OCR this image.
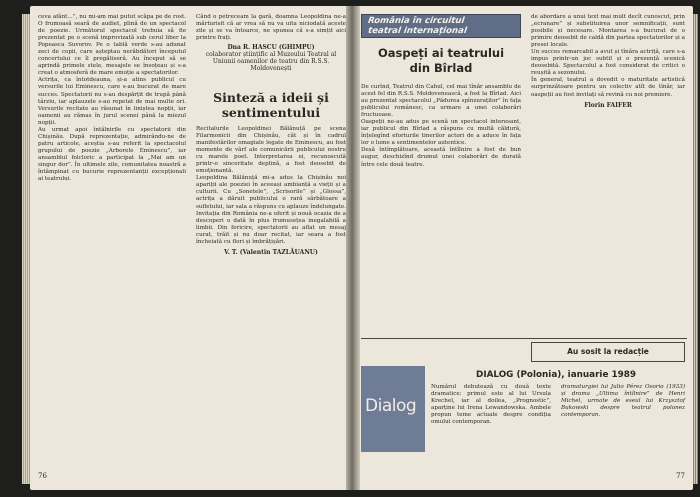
ceva afânt...”, nu mi-am mai putut scăpa pe de rost. O frumoasă seară de audiet, plină de un spectacol de poezie. Următorul spectacol trebuia să fie prezentat pe o scenă improvizată sub cerul liber la Popeasca Suvorov. Pe o tablă verde s-au adunat zeci de copii, care așteptau nerăbdători începutul concertului ce îl pregătiseră. Au început să se aprindă primele stele, mesajele se însoțeau și s-a creat o atmosferă de mare emoție a spectatorilor.

Actrița, ca întotdeauna, și-a atins publicul cu versurile lui Eminescu, care s-au bucurat de mare succes. Spectatorii nu s-au despărțit de trupă până târziu, iar aplauzele s-au repetat de mai multe ori. Versurile recitate au răsunat în liniștea nopții, iar oamenii au rămas în jurul scenei până la miezul nopții.

Au urmat apoi întâlnirile cu spectatorii din Chișinău. După reprezentație, admirându-ne de patru articole, aceștia s-au referit la spectacolul grupului de poezie „Arborele Eminescu”, iar ansamblul folcloric a participat la „Mai am un singur dor”. În ultimele zile, comunitatea noastră a întâmpinat cu bucurie reprezentanții excepționali ai teatrului.

Când o petreceam la gară, doamna Leopoldina ne-a mărturisit că ar vrea să nu va uita niciodată aceste zile și se va întoarce, ne spunea că s-a simțit aici printre frați.

Dna R. HASCU (GHIMPU)

colaborator științific al Muzeului Teatral al Uniunii oamenilor de teatru din R.S.S. Moldovenești

Sinteză a ideii și sentimentului

Recitalurile Leopoldinei Bălănuță pe scena Filarmonicii din Chișinău, cât și în cadrul manifestărilor omagiale legate de Eminescu, au fost momente de vârf ale comunicării publicului nostru cu marele poet. Interpretarea ei, recunoscută printr-o sinceritate deplină, a fost deosebit de emoționantă.

Leopoldina Bălănuță mi-a adus la Chișinău noi apariții ale poeziei în aceeași ambianță a vieții și a culturii. Cu „Sonetele”, „Scrisorile” și „Glossa”, actrița a dăruit publicului o rară sărbătoare a sufletului, iar sala a răspuns cu aplauze îndelungate.

Invitația din România ne-a oferit și nouă ocazia de a descoperi o dată în plus frumusețea inegalabilă a limbii. Din fericire, spectatorii au aflat un mesaj curat, trăit și nu doar recitat, iar seara a fost încheiată cu flori și îmbrățișări.

V. T. (Valentin TAZLĂUANU)

76
România în circuitul
teatral internațional
Oaspeți ai teatrului
din Bîrlad

De curînd, Teatrul din Cahul, cel mai tînăr ansamblu de acest fel din R.S.S. Moldovenească, a fost la Bîrlad. Aici au prezentat spectacolul „Pădurea spînzuraților” în fața publicului românesc, ca urmare a unei colaborări fructuoase.

Oaspeții ne-au adus pe scenă un spectacol interesant, iar publicul din Bîrlad a răspuns cu multă căldură, înțelegînd eforturile tinerilor actori de a aduce în fața lor o lume a sentimentelor autentice.

Deșă întîmplătoare, această întîlnire a fost de bun augur, deschizînd drumul unei colaborări de durată între cele două teatre.

de abordare a unui text mai mult decît cunoscut, prin „ecranare” și substituirea unor semnificații, sunt posibile și necesare. Montarea s-a bucurat de o primire deosebit de caldă din partea spectatorilor și a presei locale.

Un succes remarcabil a avut și tînăra actriță, care s-a impus printr-un joc subtil și o prezență scenică deosebită. Spectacolul a fost considerat de critici o reușită a sezonului.

În general, teatrul a dovedit o maturitate artistică surprinzătoare pentru un colectiv atît de tînăr, iar oaspeții au fost invitați să revină cu noi premiere.

Florin FAIFER

Au sosit la redacție
Dialog
DIALOG (Polonia), ianuarie 1989

Numărul debutează cu două texte dramatice: primul este al lui Ursula Krechel, iar al doilea, „Prognostic”, aparține lui Irena Lewandowska. Ambele propun teme actuale despre condiția omului contemporan.

dramaturgiei lui Julio Pérez Osorio (1933) și drama „Ultima întîlnire” de Henri Michel, urmate de eseul lui Krzysztof Bukowski despre teatrul polonez contemporan.

77
